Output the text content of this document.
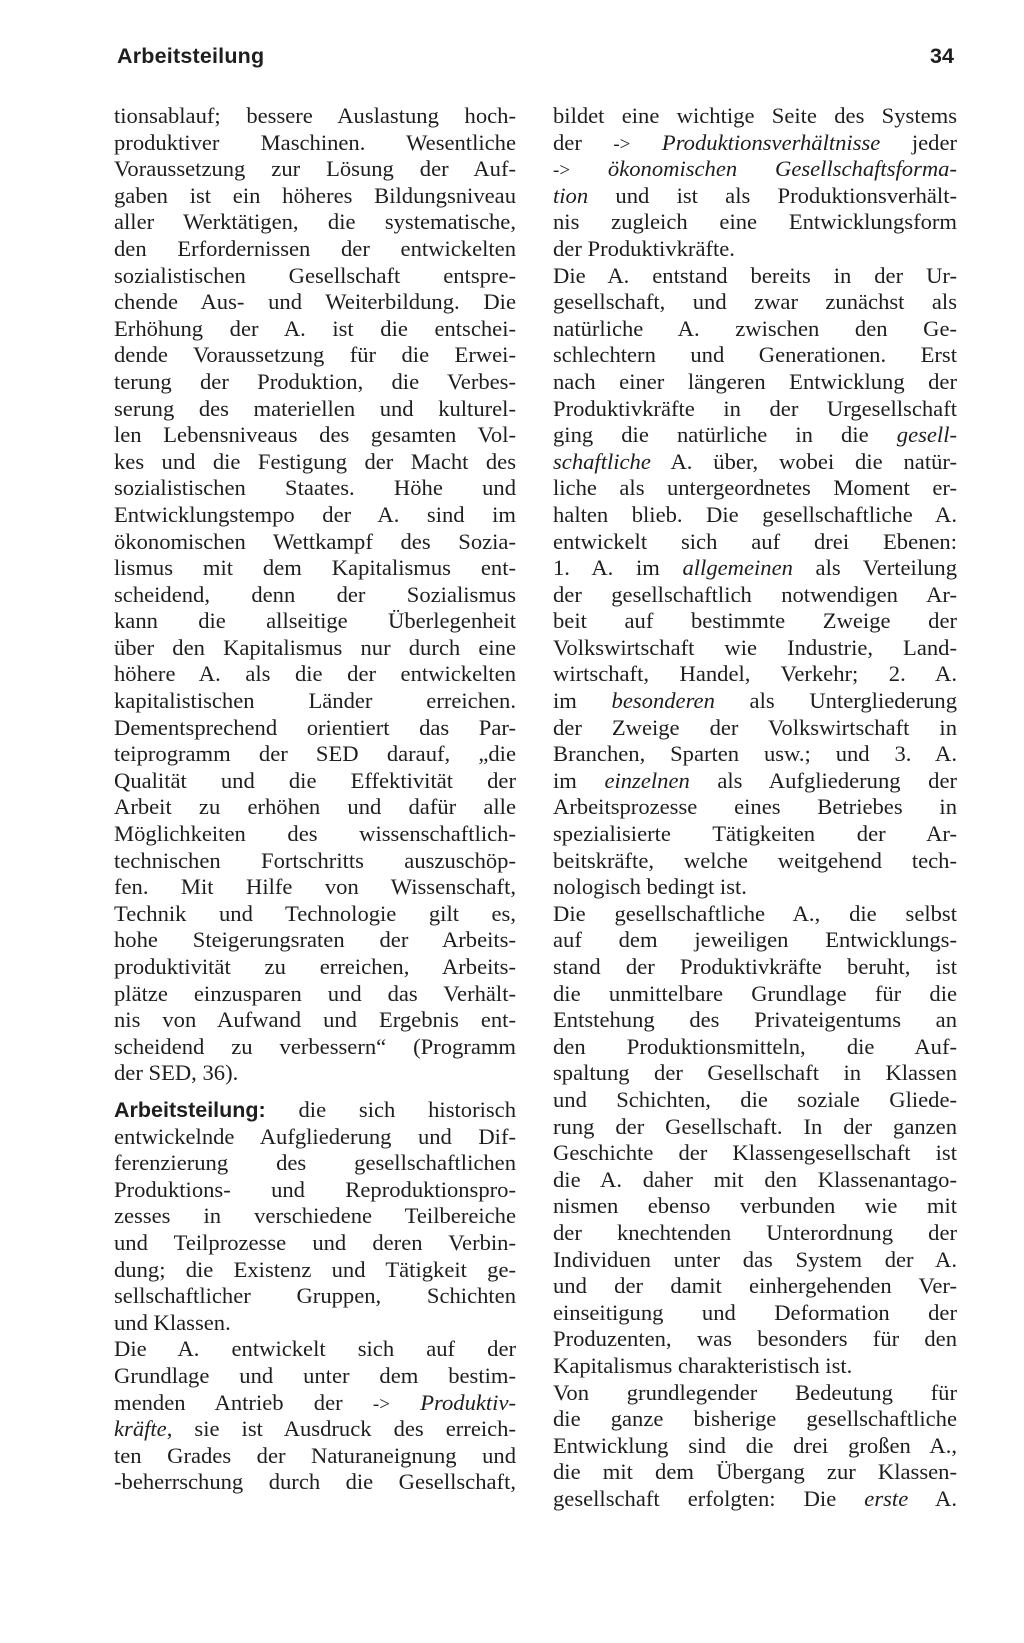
Arbeitsteilung	34
tionsablauf; bessere Auslastung hoch-
produktiver Maschinen. Wesentliche
Voraussetzung zur Lösung der Auf-
gaben ist ein höheres Bildungsniveau
aller Werktätigen, die systematische,
den Erfordernissen der entwickelten
sozialistischen Gesellschaft entspre-
chende Aus- und Weiterbildung. Die
Erhöhung der A. ist die entschei-
dende Voraussetzung für die Erwei-
terung der Produktion, die Verbes-
serung des materiellen und kulturel-
len Lebensniveaus des gesamten Vol-
kes und die Festigung der Macht des
sozialistischen Staates. Höhe und
Entwicklungstempo der A. sind im
ökonomischen Wettkampf des Sozia-
lismus mit dem Kapitalismus ent-
scheidend, denn der Sozialismus
kann die allseitige Überlegenheit
über den Kapitalismus nur durch eine
höhere A. als die der entwickelten
kapitalistischen Länder erreichen.
Dementsprechend orientiert das Par-
teiprogramm der SED darauf, „die
Qualität und die Effektivität der
Arbeit zu erhöhen und dafür alle
Möglichkeiten des wissenschaftlich-
technischen Fortschritts auszuschöp-
fen. Mit Hilfe von Wissenschaft,
Technik und Technologie gilt es,
hohe Steigerungsraten der Arbeits-
produktivität zu erreichen, Arbeits-
plätze einzusparen und das Verhält-
nis von Aufwand und Ergebnis ent-
scheidend zu verbessern“ (Programm
der SED, 36).
Arbeitsteilung: die sich historisch
entwickelnde Aufgliederung und Dif-
ferenzierung des gesellschaftlichen
Produktions- und Reproduktionspro-
zesses in verschiedene Teilbereiche
und Teilprozesse und deren Verbin-
dung; die Existenz und Tätigkeit ge-
sellschaftlicher Gruppen, Schichten
und Klassen.
Die A. entwickelt sich auf der
Grundlage und unter dem bestim-
menden Antrieb der -> Produktiv-
kräfte, sie ist Ausdruck des erreich-
ten Grades der Naturaneignung und
-beherrschung durch die Gesellschaft,
bildet eine wichtige Seite des Systems
der -> Produktionsverhältnisse jeder
-> ökonomischen Gesellschaftsforma-
tion und ist als Produktionsverhält-
nis zugleich eine Entwicklungsform
der Produktivkräfte.
Die A. entstand bereits in der Ur-
gesellschaft, und zwar zunächst als
natürliche A. zwischen den Ge-
schlechtern und Generationen. Erst
nach einer längeren Entwicklung der
Produktivkräfte in der Urgesellschaft
ging die natürliche in die gesell-
schaftliche A. über, wobei die natür-
liche als untergeordnetes Moment er-
halten blieb. Die gesellschaftliche A.
entwickelt sich auf drei Ebenen:
1. A. im allgemeinen als Verteilung
der gesellschaftlich notwendigen Ar-
beit auf bestimmte Zweige der
Volkswirtschaft wie Industrie, Land-
wirtschaft, Handel, Verkehr; 2. A.
im besonderen als Untergliederung
der Zweige der Volkswirtschaft in
Branchen, Sparten usw.; und 3. A.
im einzelnen als Aufgliederung der
Arbeitsprozesse eines Betriebes in
spezialisierte Tätigkeiten der Ar-
beitskräfte, welche weitgehend tech-
nologisch bedingt ist.
Die gesellschaftliche A., die selbst
auf dem jeweiligen Entwicklungs-
stand der Produktivkräfte beruht, ist
die unmittelbare Grundlage für die
Entstehung des Privateigentums an
den Produktionsmitteln, die Auf-
spaltung der Gesellschaft in Klassen
und Schichten, die soziale Gliede-
rung der Gesellschaft. In der ganzen
Geschichte der Klassengesellschaft ist
die A. daher mit den Klassenantago-
nismen ebenso verbunden wie mit
der knechtenden Unterordnung der
Individuen unter das System der A.
und der damit einhergehenden Ver-
einseitigung und Deformation der
Produzenten, was besonders für den
Kapitalismus charakteristisch ist.
Von grundlegender Bedeutung für
die ganze bisherige gesellschaftliche
Entwicklung sind die drei großen A.,
die mit dem Übergang zur Klassen-
gesellschaft erfolgten: Die erste A.
